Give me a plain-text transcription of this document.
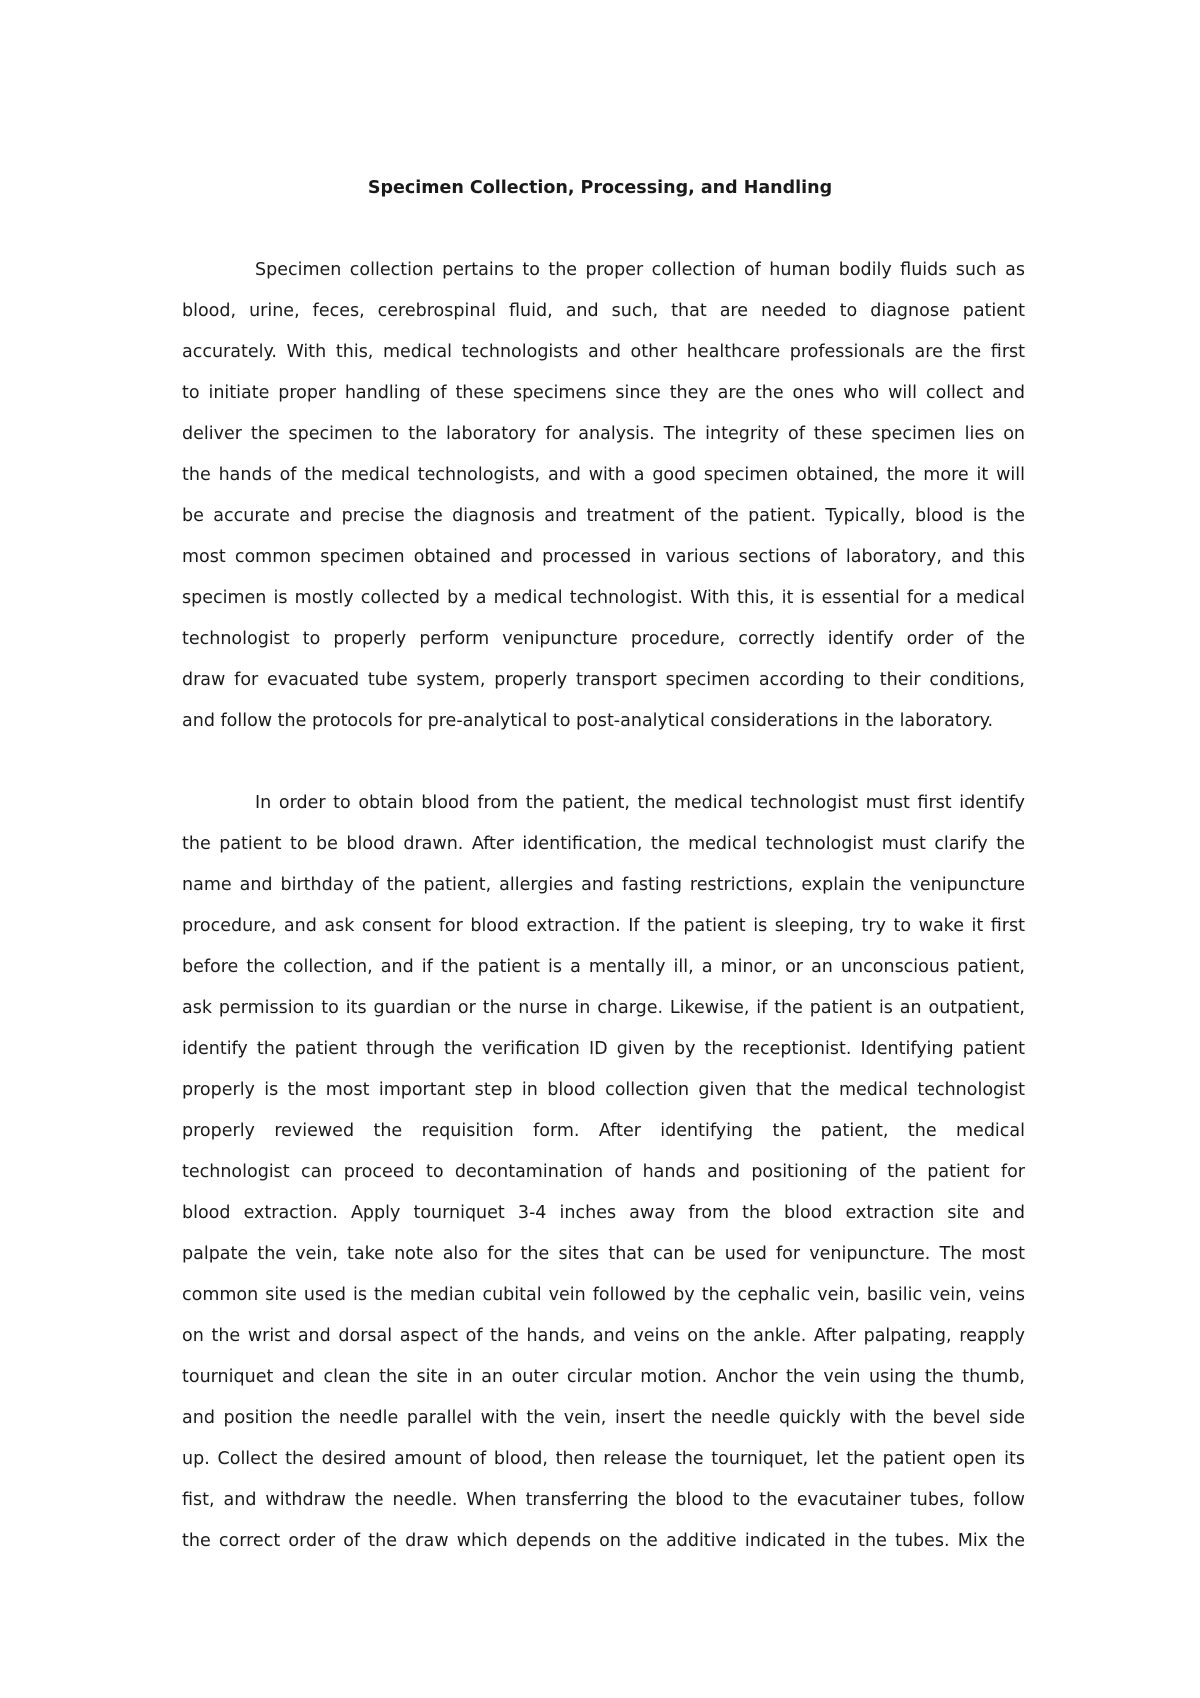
Specimen Collection, Processing, and Handling
Specimen collection pertains to the proper collection of human bodily fluids such as
blood, urine, feces, cerebrospinal fluid, and such, that are needed to diagnose patient
accurately. With this, medical technologists and other healthcare professionals are the first
to initiate proper handling of these specimens since they are the ones who will collect and
deliver the specimen to the laboratory for analysis. The integrity of these specimen lies on
the hands of the medical technologists, and with a good specimen obtained, the more it will
be accurate and precise the diagnosis and treatment of the patient. Typically, blood is the
most common specimen obtained and processed in various sections of laboratory, and this
specimen is mostly collected by a medical technologist. With this, it is essential for a medical
technologist to properly perform venipuncture procedure, correctly identify order of the
draw for evacuated tube system, properly transport specimen according to their conditions,
and follow the protocols for pre-analytical to post-analytical considerations in the laboratory.
In order to obtain blood from the patient, the medical technologist must first identify
the patient to be blood drawn. After identification, the medical technologist must clarify the
name and birthday of the patient, allergies and fasting restrictions, explain the venipuncture
procedure, and ask consent for blood extraction. If the patient is sleeping, try to wake it first
before the collection, and if the patient is a mentally ill, a minor, or an unconscious patient,
ask permission to its guardian or the nurse in charge. Likewise, if the patient is an outpatient,
identify the patient through the verification ID given by the receptionist. Identifying patient
properly is the most important step in blood collection given that the medical technologist
properly reviewed the requisition form. After identifying the patient, the medical
technologist can proceed to decontamination of hands and positioning of the patient for
blood extraction. Apply tourniquet 3-4 inches away from the blood extraction site and
palpate the vein, take note also for the sites that can be used for venipuncture. The most
common site used is the median cubital vein followed by the cephalic vein, basilic vein, veins
on the wrist and dorsal aspect of the hands, and veins on the ankle. After palpating, reapply
tourniquet and clean the site in an outer circular motion. Anchor the vein using the thumb,
and position the needle parallel with the vein, insert the needle quickly with the bevel side
up. Collect the desired amount of blood, then release the tourniquet, let the patient open its
fist, and withdraw the needle. When transferring the blood to the evacutainer tubes, follow
the correct order of the draw which depends on the additive indicated in the tubes. Mix the
